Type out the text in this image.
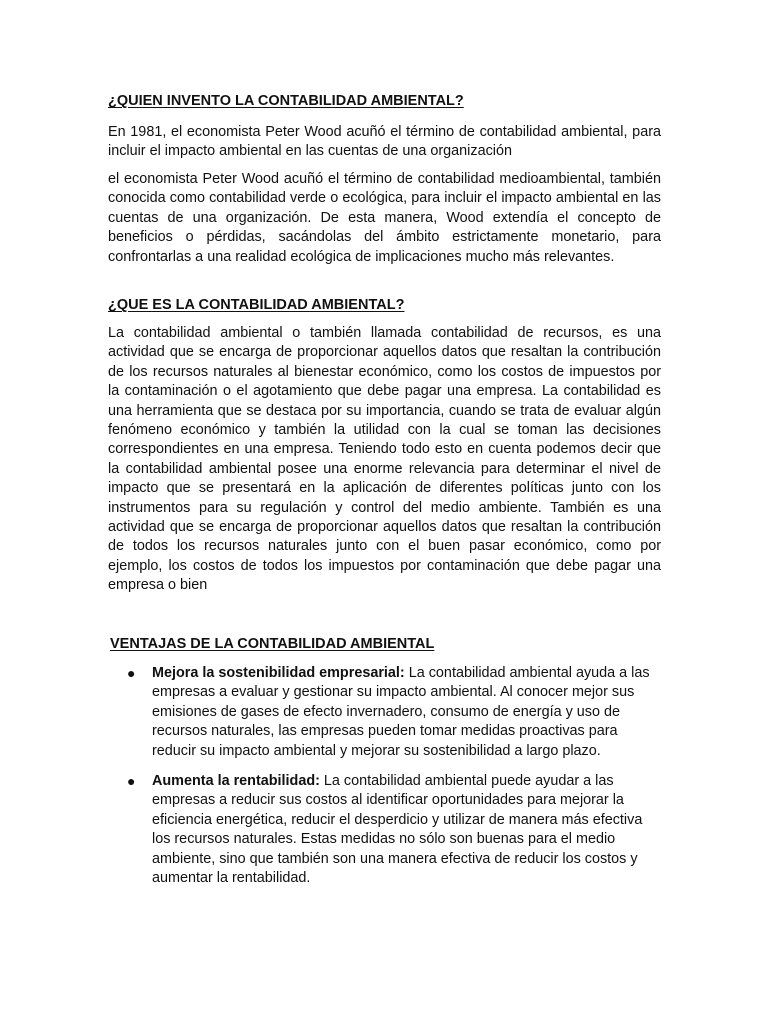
¿QUIEN INVENTO LA CONTABILIDAD AMBIENTAL?
En 1981, el economista Peter Wood acuñó el término de contabilidad ambiental, para incluir el impacto ambiental en las cuentas de una organización
el economista Peter Wood acuñó el término de contabilidad medioambiental, también conocida como contabilidad verde o ecológica, para incluir el impacto ambiental en las cuentas de una organización. De esta manera, Wood extendía el concepto de beneficios o pérdidas, sacándolas del ámbito estrictamente monetario, para confrontarlas a una realidad ecológica de implicaciones mucho más relevantes.
¿QUE ES LA CONTABILIDAD AMBIENTAL?
La contabilidad ambiental o también llamada contabilidad de recursos, es una actividad que se encarga de proporcionar aquellos datos que resaltan la contribución de los recursos naturales al bienestar económico, como los costos de impuestos por la contaminación o el agotamiento que debe pagar una empresa. La contabilidad es una herramienta que se destaca por su importancia, cuando se trata de evaluar algún fenómeno económico y también la utilidad con la cual se toman las decisiones correspondientes en una empresa. Teniendo todo esto en cuenta podemos decir que la contabilidad ambiental posee una enorme relevancia para determinar el nivel de impacto que se presentará en la aplicación de diferentes políticas junto con los instrumentos para su regulación y control del medio ambiente. También es una actividad que se encarga de proporcionar aquellos datos que resaltan la contribución de todos los recursos naturales junto con el buen pasar económico, como por ejemplo, los costos de todos los impuestos por contaminación que debe pagar una empresa o bien
VENTAJAS DE LA CONTABILIDAD AMBIENTAL
● Mejora la sostenibilidad empresarial: La contabilidad ambiental ayuda a las empresas a evaluar y gestionar su impacto ambiental. Al conocer mejor sus emisiones de gases de efecto invernadero, consumo de energía y uso de recursos naturales, las empresas pueden tomar medidas proactivas para reducir su impacto ambiental y mejorar su sostenibilidad a largo plazo.
● Aumenta la rentabilidad: La contabilidad ambiental puede ayudar a las empresas a reducir sus costos al identificar oportunidades para mejorar la eficiencia energética, reducir el desperdicio y utilizar de manera más efectiva los recursos naturales. Estas medidas no sólo son buenas para el medio ambiente, sino que también son una manera efectiva de reducir los costos y aumentar la rentabilidad.
